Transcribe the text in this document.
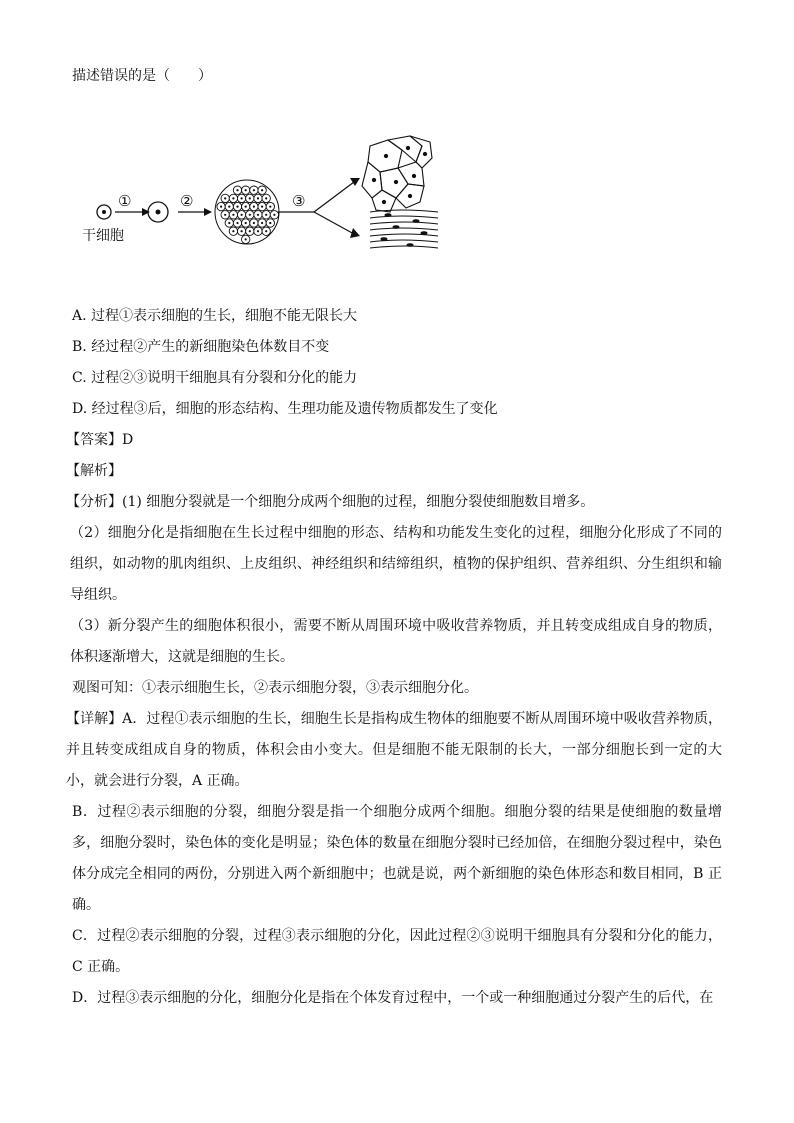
描述错误的是（　　）
①	②	③
干细胞
A. 过程①表示细胞的生长，细胞不能无限长大
B. 经过程②产生的新细胞染色体数目不变
C. 过程②③说明干细胞具有分裂和分化的能力
D. 经过程③后，细胞的形态结构、生理功能及遗传物质都发生了变化
【答案】D
【解析】
【分析】(1) 细胞分裂就是一个细胞分成两个细胞的过程，细胞分裂使细胞数目增多。
（2）细胞分化是指细胞在生长过程中细胞的形态、结构和功能发生变化的过程，细胞分化形成了不同的组织，如动物的肌肉组织、上皮组织、神经组织和结缔组织，植物的保护组织、营养组织、分生组织和输导组织。
（3）新分裂产生的细胞体积很小，需要不断从周围环境中吸收营养物质，并且转变成组成自身的物质，体积逐渐增大，这就是细胞的生长。
观图可知：①表示细胞生长，②表示细胞分裂，③表示细胞分化。
【详解】A．过程①表示细胞的生长，细胞生长是指构成生物体的细胞要不断从周围环境中吸收营养物质，并且转变成组成自身的物质，体积会由小变大。但是细胞不能无限制的长大，一部分细胞长到一定的大小，就会进行分裂，A 正确。
B．过程②表示细胞的分裂，细胞分裂是指一个细胞分成两个细胞。细胞分裂的结果是使细胞的数量增多，细胞分裂时，染色体的变化是明显；染色体的数量在细胞分裂时已经加倍，在细胞分裂过程中，染色体分成完全相同的两份，分别进入两个新细胞中；也就是说，两个新细胞的染色体形态和数目相同，B 正确。
C．过程②表示细胞的分裂，过程③表示细胞的分化，因此过程②③说明干细胞具有分裂和分化的能力，C 正确。
D．过程③表示细胞的分化，细胞分化是指在个体发育过程中，一个或一种细胞通过分裂产生的后代，在
